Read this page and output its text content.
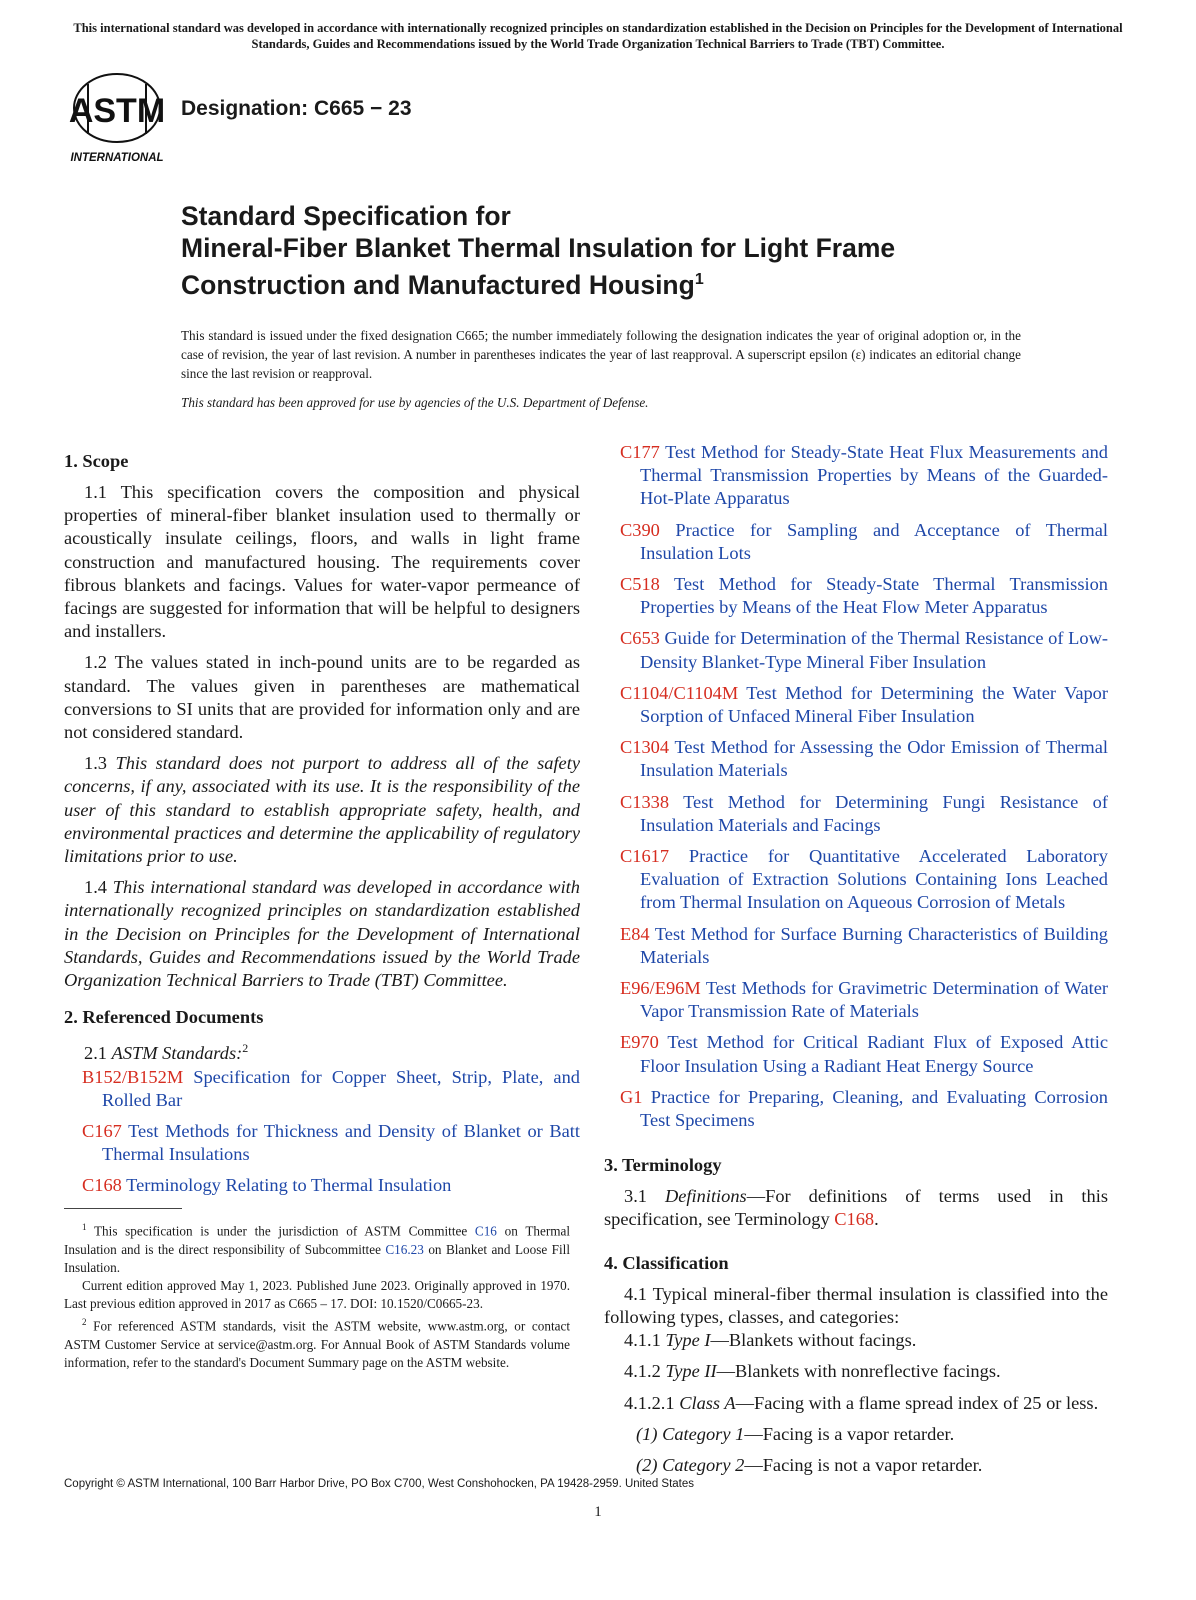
This international standard was developed in accordance with internationally recognized principles on standardization established in the Decision on Principles for the Development of International Standards, Guides and Recommendations issued by the World Trade Organization Technical Barriers to Trade (TBT) Committee.
ASTM
INTERNATIONAL
Designation: C665 − 23
Standard Specification for
Mineral-Fiber Blanket Thermal Insulation for Light Frame
Construction and Manufactured Housing$^1$

This standard is issued under the fixed designation C665; the number immediately following the designation indicates the year of original adoption or, in the case of revision, the year of last revision. A number in parentheses indicates the year of last reapproval. A superscript epsilon (ε) indicates an editorial change since the last revision or reapproval.

This standard has been approved for use by agencies of the U.S. Department of Defense.

1. Scope

1.1 This specification covers the composition and physical properties of mineral-fiber blanket insulation used to thermally or acoustically insulate ceilings, floors, and walls in light frame construction and manufactured housing. The requirements cover fibrous blankets and facings. Values for water-vapor permeance of facings are suggested for information that will be helpful to designers and installers.

1.2 The values stated in inch-pound units are to be regarded as standard. The values given in parentheses are mathematical conversions to SI units that are provided for information only and are not considered standard.

1.3 This standard does not purport to address all of the safety concerns, if any, associated with its use. It is the responsibility of the user of this standard to establish appropriate safety, health, and environmental practices and determine the applicability of regulatory limitations prior to use.

1.4 This international standard was developed in accordance with internationally recognized principles on standardization established in the Decision on Principles for the Development of International Standards, Guides and Recommendations issued by the World Trade Organization Technical Barriers to Trade (TBT) Committee.

2. Referenced Documents

2.1 ASTM Standards:$^2$

B152/B152M Specification for Copper Sheet, Strip, Plate, and Rolled Bar

C167 Test Methods for Thickness and Density of Blanket or Batt Thermal Insulations

C168 Terminology Relating to Thermal Insulation

C177 Test Method for Steady-State Heat Flux Measurements and Thermal Transmission Properties by Means of the Guarded-Hot-Plate Apparatus

C390 Practice for Sampling and Acceptance of Thermal Insulation Lots

C518 Test Method for Steady-State Thermal Transmission Properties by Means of the Heat Flow Meter Apparatus

C653 Guide for Determination of the Thermal Resistance of Low-Density Blanket-Type Mineral Fiber Insulation

C1104/C1104M Test Method for Determining the Water Vapor Sorption of Unfaced Mineral Fiber Insulation

C1304 Test Method for Assessing the Odor Emission of Thermal Insulation Materials

C1338 Test Method for Determining Fungi Resistance of Insulation Materials and Facings

C1617 Practice for Quantitative Accelerated Laboratory Evaluation of Extraction Solutions Containing Ions Leached from Thermal Insulation on Aqueous Corrosion of Metals

E84 Test Method for Surface Burning Characteristics of Building Materials

E96/E96M Test Methods for Gravimetric Determination of Water Vapor Transmission Rate of Materials

E970 Test Method for Critical Radiant Flux of Exposed Attic Floor Insulation Using a Radiant Heat Energy Source

G1 Practice for Preparing, Cleaning, and Evaluating Corrosion Test Specimens

3. Terminology

3.1 Definitions—For definitions of terms used in this specification, see Terminology C168.

4. Classification

4.1 Typical mineral-fiber thermal insulation is classified into the following types, classes, and categories:

4.1.1 Type I—Blankets without facings.

4.1.2 Type II—Blankets with nonreflective facings.

4.1.2.1 Class A—Facing with a flame spread index of 25 or less.

(1) Category 1—Facing is a vapor retarder.

(2) Category 2—Facing is not a vapor retarder.

$^1$ This specification is under the jurisdiction of ASTM Committee C16 on Thermal Insulation and is the direct responsibility of Subcommittee C16.23 on Blanket and Loose Fill Insulation.

Current edition approved May 1, 2023. Published June 2023. Originally approved in 1970. Last previous edition approved in 2017 as C665 – 17. DOI: 10.1520/C0665-23.

$^2$ For referenced ASTM standards, visit the ASTM website, www.astm.org, or contact ASTM Customer Service at service@astm.org. For Annual Book of ASTM Standards volume information, refer to the standard's Document Summary page on the ASTM website.

Copyright © ASTM International, 100 Barr Harbor Drive, PO Box C700, West Conshohocken, PA 19428-2959. United States
1
